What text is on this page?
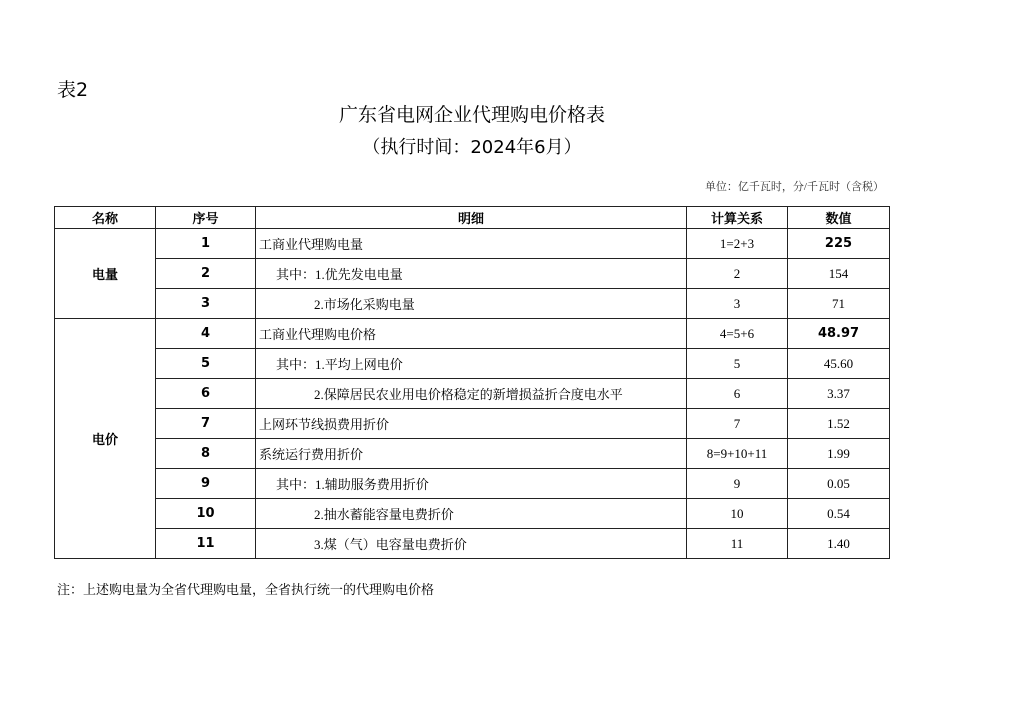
表2
广东省电网企业代理购电价格表
（执行时间：2024年6月）
单位：亿千瓦时，分/千瓦时（含税）
名称	序号	明细	计算关系	数值
电量	1	工商业代理购电量	1=2+3	225
	2	其中：1.优先发电电量	2	154
	3	2.市场化采购电量	3	71
电价	4	工商业代理购电价格	4=5+6	48.97
	5	其中：1.平均上网电价	5	45.60
	6	2.保障居民农业用电价格稳定的新增损益折合度电水平	6	3.37
	7	上网环节线损费用折价	7	1.52
	8	系统运行费用折价	8=9+10+11	1.99
	9	其中：1.辅助服务费用折价	9	0.05
	10	2.抽水蓄能容量电费折价	10	0.54
	11	3.煤（气）电容量电费折价	11	1.40
注：上述购电量为全省代理购电量，全省执行统一的代理购电价格
